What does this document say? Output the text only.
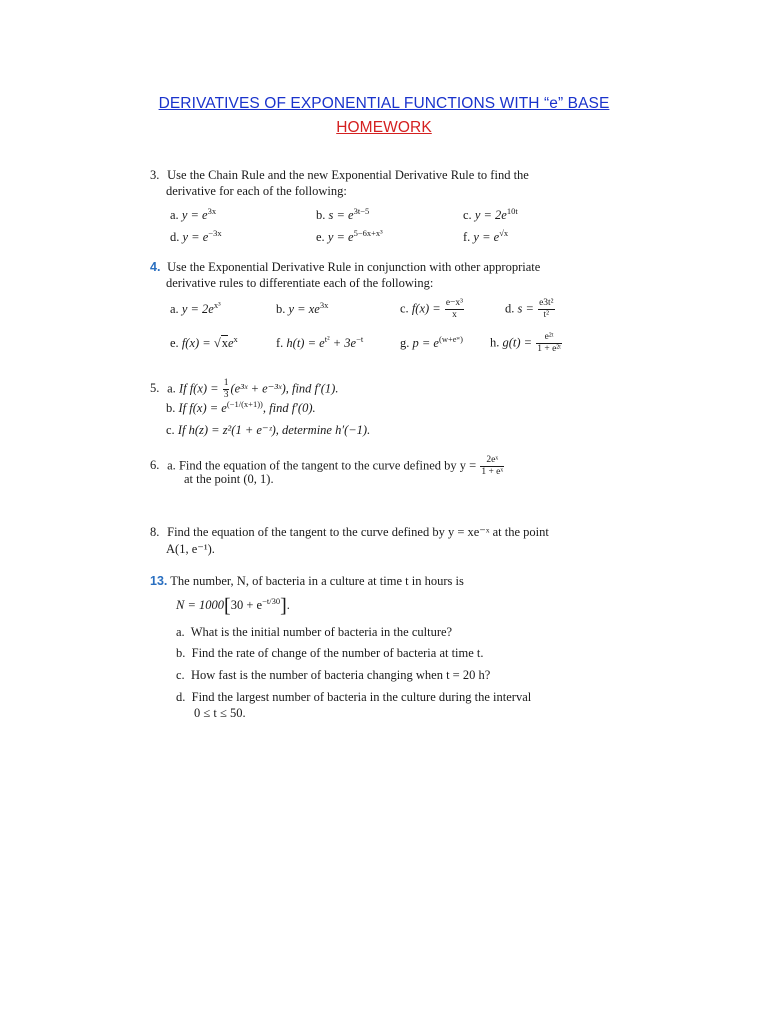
DERIVATIVES OF EXPONENTIAL FUNCTIONS WITH “e” BASE
HOMEWORK
3. Use the Chain Rule and the new Exponential Derivative Rule to find the
derivative for each of the following:
a. $y = e^{3x}$	b. $s = e^{3t-5}$	c. $y = 2e^{10t}$
d. $y = e^{-3x}$	e. $y = e^{5-6x+x^3}$	f. $y = e^{√x}$
4. Use the Exponential Derivative Rule in conjunction with other appropriate
derivative rules to differentiate each of the following:
a. $y = 2e^{x^3}$	b. $y = xe^{3x}$	c. $f(x) = \frac{\text{e−x³}}{x}$	d. $s = \frac{\text{e3t²}}{\text{t²}}$
e. $f(x) = √xe^x$	f. $h(t) = e^{t^2} + 3e^{-t}$	g. $p = e^{(w+eʷ)}$ h. $g(t) = \frac{\text{e²ᵗ}}{\text{1 + e²ᵗ}}$
5. a. If $f(x) = \frac{1}{3}$ (e³ˣ + e⁻³ˣ), find f′(1).
b. If $f(x) = e^{(-1/(x+1))}$, find f′(0).
c. If h(z) = z²(1 + e⁻ᶻ), determine h′(−1).
6. a. Find the equation of the tangent to the curve defined by $y = \frac{\text{2eˣ}}{\text{1 + eˣ}}$
at the point (0, 1).
8. Find the equation of the tangent to the curve defined by y = xe⁻ˣ at the point
A(1, e⁻¹).
13. The number, N, of bacteria in a culture at time t in hours is
$N = 1000[30 + e^{-t/30}]$.
a. What is the initial number of bacteria in the culture?
b. Find the rate of change of the number of bacteria at time t.
c. How fast is the number of bacteria changing when t = 20 h?
d. Find the largest number of bacteria in the culture during the interval
0 ≤ t ≤ 50.
